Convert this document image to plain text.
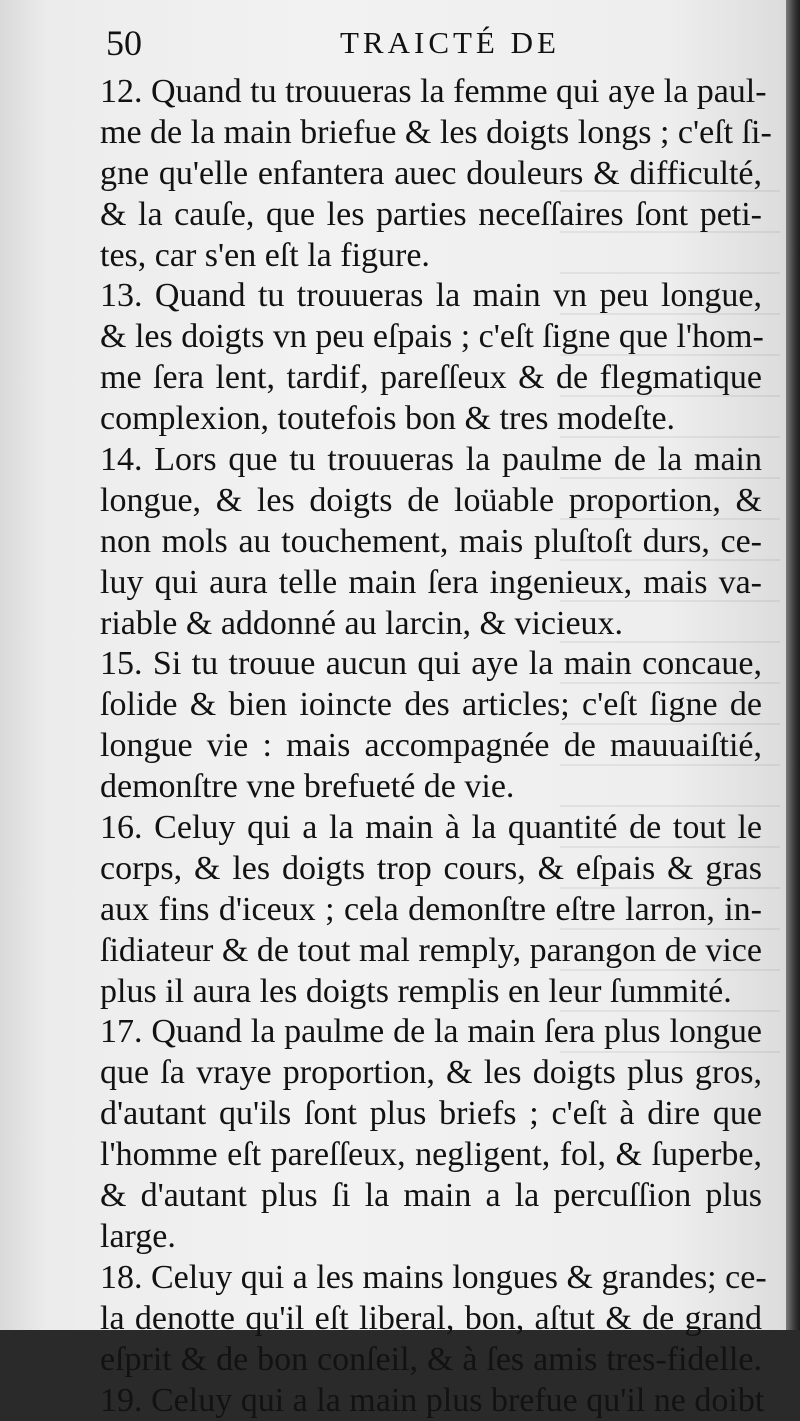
50	TRAICTÉ DE
12. Quand tu trouueras la femme qui aye la paul-
me de la main briefue & les doigts longs ; c'eſt ſi-
gne qu'elle enfantera auec douleurs & difficulté,
& la cauſe, que les parties neceſſaires ſont peti-
tes, car s'en eſt la figure.
13. Quand tu trouueras la main vn peu longue,
& les doigts vn peu eſpais ; c'eſt ſigne que l'hom-
me ſera lent, tardif, pareſſeux & de flegmatique
complexion, toutefois bon & tres modeſte.
14. Lors que tu trouueras la paulme de la main
longue, & les doigts de loüable proportion, &
non mols au touchement, mais pluſtoſt durs, ce-
luy qui aura telle main ſera ingenieux, mais va-
riable & addonné au larcin, & vicieux.
15. Si tu trouue aucun qui aye la main concaue,
ſolide & bien ioincte des articles; c'eſt ſigne de
longue vie : mais accompagnée de mauuaiſtié,
demonſtre vne brefueté de vie.
16. Celuy qui a la main à la quantité de tout le
corps, & les doigts trop cours, & eſpais & gras
aux fins d'iceux ; cela demonſtre eſtre larron, in-
ſidiateur & de tout mal remply, parangon de vice
plus il aura les doigts remplis en leur ſummité.
17. Quand la paulme de la main ſera plus longue
que ſa vraye proportion, & les doigts plus gros,
d'autant qu'ils ſont plus briefs ; c'eſt à dire que
l'homme eſt pareſſeux, negligent, fol, & ſuperbe,
& d'autant plus ſi la main a la percuſſion plus
large.
18. Celuy qui a les mains longues & grandes; ce-
la denotte qu'il eſt liberal, bon, aſtut & de grand
eſprit & de bon conſeil, & à ſes amis tres-fidelle.
19. Celuy qui a la main plus brefue qu'il ne doibt
